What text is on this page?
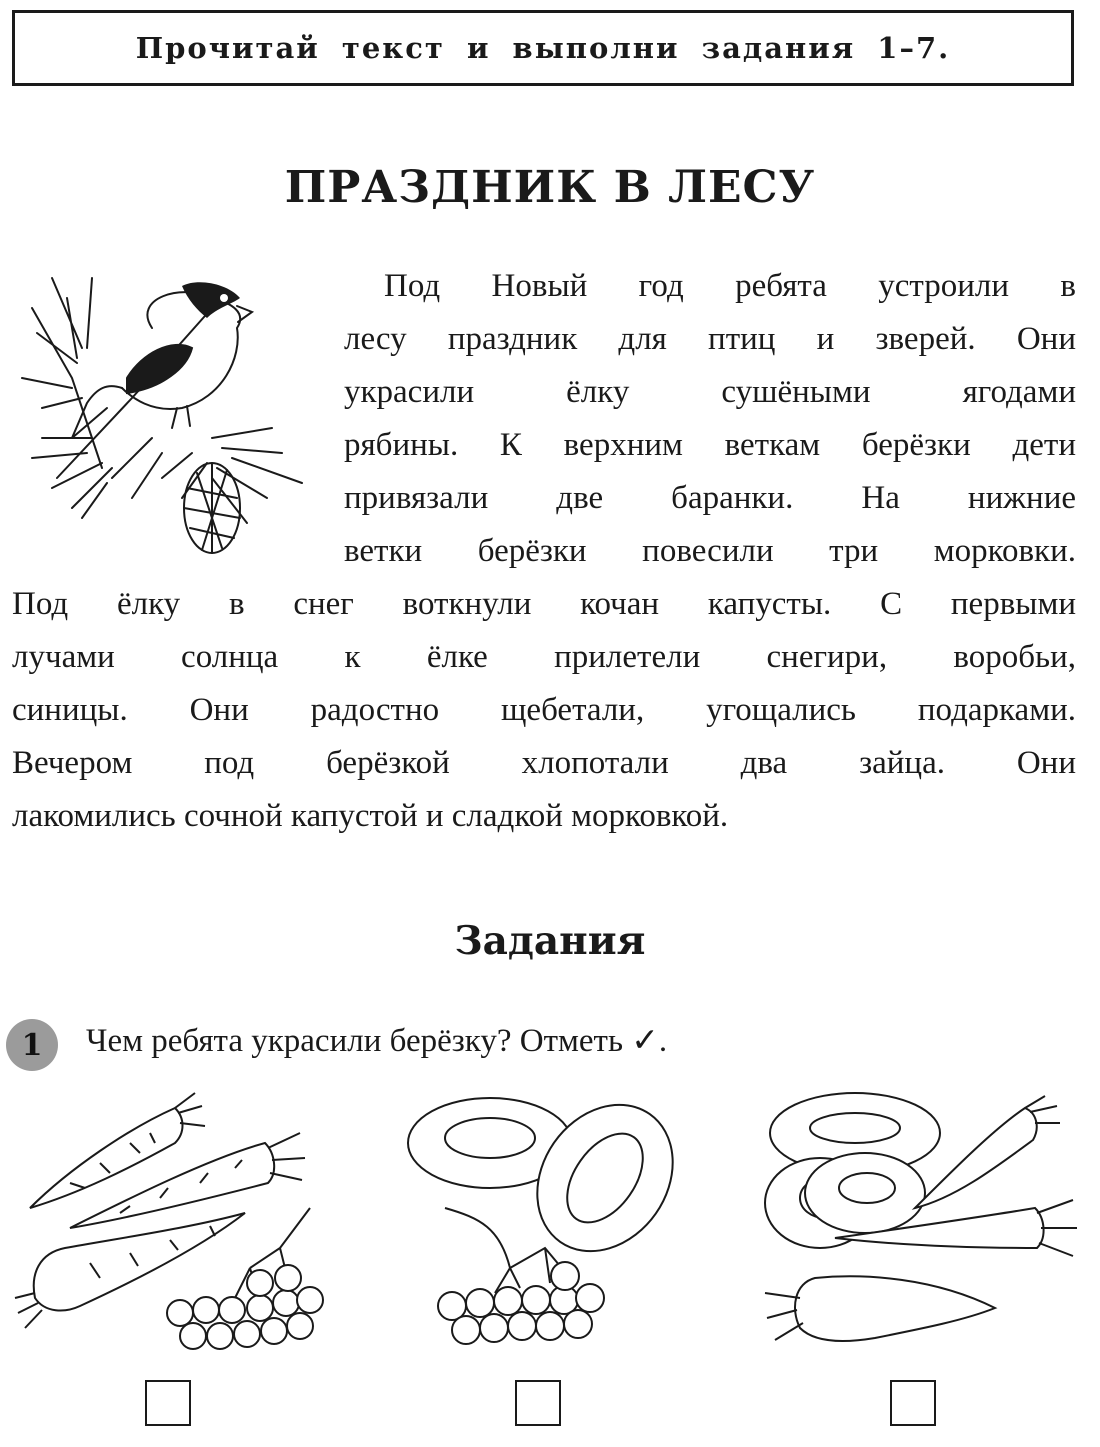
Прочитай текст и выполни задания 1–7.
ПРАЗДНИК В ЛЕСУ
Под Новый год ребята устроили в
лесу праздник для птиц и зверей. Они
украсили ёлку сушёными ягодами
рябины. К верхним веткам берёзки дети
привязали две баранки. На нижние
ветки берёзки повесили три морковки.
Под ёлку в снег воткнули кочан капусты. С первыми
лучами солнца к ёлке прилетели снегири, воробьи,
синицы. Они радостно щебетали, угощались подарками.
Вечером под берёзкой хлопотали два зайца. Они
лакомились сочной капустой и сладкой морковкой.
Задания
1	Чем ребята украсили берёзку? Отметь ✓.
